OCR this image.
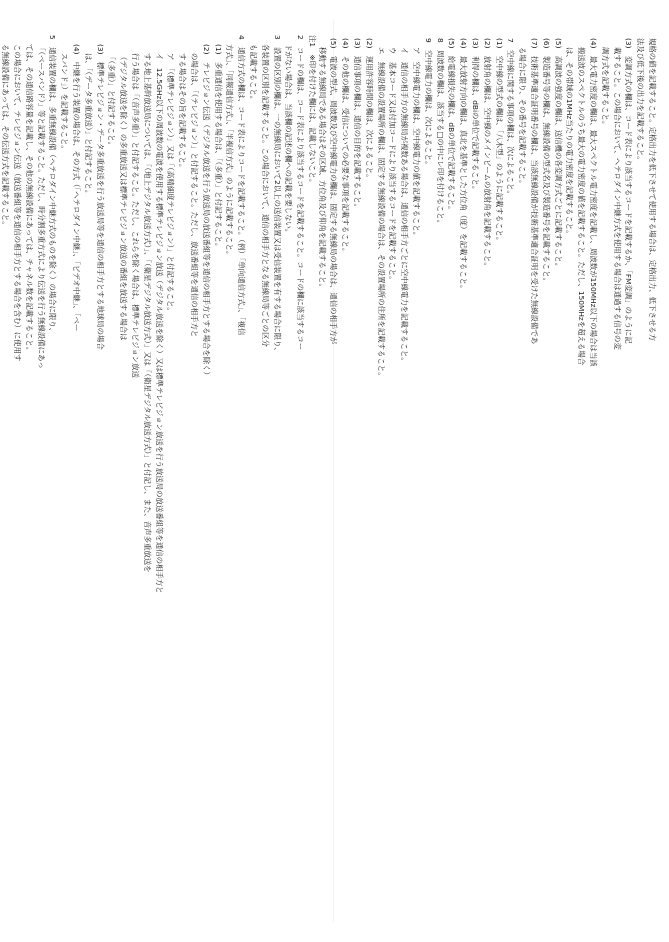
注1　※印を付けた欄には、記載しないこと。
2　コードの欄は、コード表により該当するコードを記載すること。コードの欄に該当するコー
ドがない場合は、当該欄の記述の欄への記載を要しない。
3　設置の区別の欄は、一の無線局において2以上の送信装置又は受信装置を有する場合に限り、
各装置の区別を記載すること。この場合において、通信の相手方となる無線局等ごとの区分
も記載すること。
4　通信方式の欄は、コード表によりコードを記載すること。（例）「単向通信方式」、「複信
方式」、「同報通信方式」、「半複信方式」のように記載すること。
(1)　多重通信を使用する場合は、「（多重）」と付記すること。
(2)　テレビジョン伝送（デジタル放送を行う放送局の放送番組等を通信の相手方とする場合を除く）
の場合は、「（テレビジョン）」と付記すること。ただし、放送番組等を通信の相手方と
する場合はその旨を記載すること。
ア　「（標準テレビジョン）」又は「（高精細度テレビジョン）」と付記すること。
イ　12.5GHz以下の周波数の電波を使用する標準テレビジョン放送（デジタル放送を除く）又は標準テレビジョン放送を行う放送局の放送番組等を通信の相手方と
する地上基幹放送局については、「（地上デジタル放送方式）」、「（衛星デジタル放送方式）」又は「（衛星デジタル放送方式）」と付記し、また、音声多重放送を
行う場合は「（音声多重）」と付記すること。ただし、これらを除く場合は、標準テレビジョン放送
（デジタル放送を除く）の多重放送又は標準テレビジョン放送の番組を放送する場合は
「（多重）」と付記すること。
(3)　標準テレビジョン・データ多重放送を行う放送局等を通信の相手方とする地球局の場合
は、「（データ多重放送）」と付記すること。
(4)　中継を行う装置の場合は、その方式（「ヘテロダイン中継」、「ビデオ中継」、「ベー
スバンド」）を記載すること。
5　通信装置の欄は、多重無線設備（ヘテロダイン中継方式のものを除く）の場合に限り、
「（ベースバンド）」等と記載すること。ただし、時分割多重方式により伝送を行う無線設備にあっ
ては、その通信路容量を記載し、その他の無線設備にあっては、チャネル数を記載すること。
この場合において、テレビジョン伝送（放送番組等を通信の相手方とする場合を含む）に使用す
る無線設備にあっては、その伝送方式を記載すること。	規格の値を記載すること。定格出力を低下させて使用する場合は、定格出力、低下させる方
法及び低下後の出力を記載すること。
(3)　変調方式の欄は、コード表により該当するコードを記載するか、「FM変調」のように記
載すること。この場合において、ヘテロダイン中継方式を使用する場合は通過する信号の変
調方式を記載すること。
(4)　最大電力密度の欄は、最大スペクトル電力密度を記載し、周波数が150MHz以下の場合は当該
搬送波のスペクトルのうち最大の電力密度の値を記載すること。ただし、150MHzを超える場合
は、その帯域の1MHz当たりの電力密度を記載すること。
(5)　高調波の強度の欄は、送信機の各変調方式ごとに記載すること。
(6)　製造番号等の欄は、無線設備の型式名及び製造番号を記載すること。
(7)　技術基準適合証明番号の欄は、当該無線設備が技術基準適合証明を受けた無線設備であ
る場合に限り、その番号を記載すること。
7　空中線に関する事項の欄は、次によること。
(1)　空中線の型式の欄は、「八木型」のように記載すること。
(2)　放射角の欄は、空中線のメインビームの放射角を記載すること。
(3)　利得の欄は、dBiの単位で記載すること。
(4)　最大放射方向の欄は、真北を基準とした方位角（度）を記載すること。
(5)　給電線損失の欄は、dBの単位で記載すること。
8　周波数の欄は、該当する□の中にレ印を付けること。
9　空中線電力の欄は、次によること。
ア　空中線電力の欄は、空中線電力の値を記載すること。
イ　通信の相手方の無線局が複数ある場合は、通信の相手方ごとに空中線電力を記載すること。
ウ　基本コード又は付加コードにより該当するコードを記載すること。
エ　無線設備の設置場所の欄は、固定する無線設備の場合は、その設置場所の住所を記載すること。
(2)　運用許容時間の欄は、次によること。
(3)　通信事項の欄は、通信の目的を記載すること。
(4)　その他の欄は、受信についての必要な事項を記載すること。
(5)　電波の型式、周波数及び空中線電力の欄は、固定する無線局の場合は、通信の相手方が
移動する無線局である場合はその区域、方位角及び仰角を記載すること。
